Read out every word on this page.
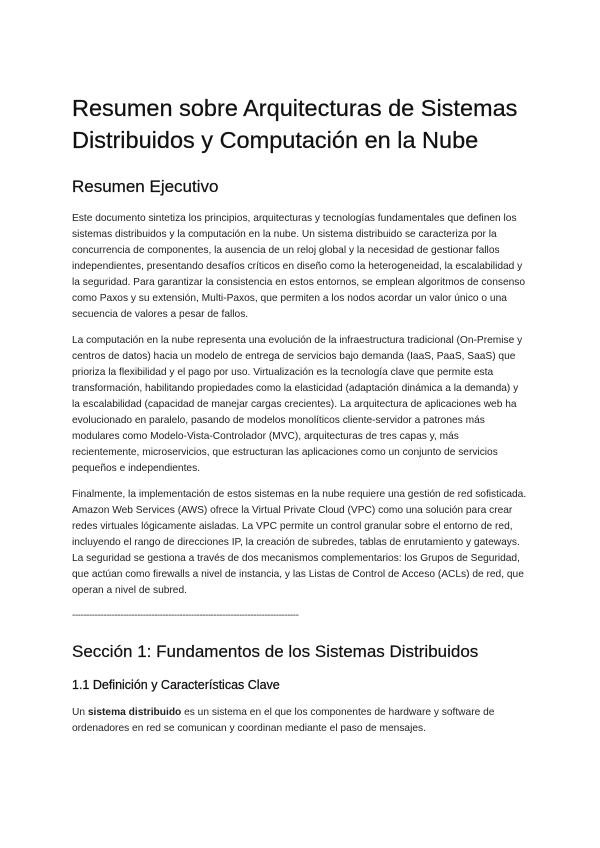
Resumen sobre Arquitecturas de Sistemas Distribuidos y Computación en la Nube
Resumen Ejecutivo

Este documento sintetiza los principios, arquitecturas y tecnologías fundamentales que definen los sistemas distribuidos y la computación en la nube. Un sistema distribuido se caracteriza por la concurrencia de componentes, la ausencia de un reloj global y la necesidad de gestionar fallos independientes, presentando desafíos críticos en diseño como la heterogeneidad, la escalabilidad y la seguridad. Para garantizar la consistencia en estos entornos, se emplean algoritmos de consenso como Paxos y su extensión, Multi-Paxos, que permiten a los nodos acordar un valor único o una secuencia de valores a pesar de fallos.

La computación en la nube representa una evolución de la infraestructura tradicional (On-Premise y centros de datos) hacia un modelo de entrega de servicios bajo demanda (IaaS, PaaS, SaaS) que prioriza la flexibilidad y el pago por uso. Virtualización es la tecnología clave que permite esta transformación, habilitando propiedades como la elasticidad (adaptación dinámica a la demanda) y la escalabilidad (capacidad de manejar cargas crecientes). La arquitectura de aplicaciones web ha evolucionado en paralelo, pasando de modelos monolíticos cliente-servidor a patrones más modulares como Modelo-Vista-Controlador (MVC), arquitecturas de tres capas y, más recientemente, microservicios, que estructuran las aplicaciones como un conjunto de servicios pequeños e independientes.

Finalmente, la implementación de estos sistemas en la nube requiere una gestión de red sofisticada. Amazon Web Services (AWS) ofrece la Virtual Private Cloud (VPC) como una solución para crear redes virtuales lógicamente aisladas. La VPC permite un control granular sobre el entorno de red, incluyendo el rango de direcciones IP, la creación de subredes, tablas de enrutamiento y gateways. La seguridad se gestiona a través de dos mecanismos complementarios: los Grupos de Seguridad, que actúan como firewalls a nivel de instancia, y las Listas de Control de Acceso (ACLs) de red, que operan a nivel de subred.

--------------------------------------------------------------------------------
Sección 1: Fundamentos de los Sistemas Distribuidos
1.1 Definición y Características Clave

Un sistema distribuido es un sistema en el que los componentes de hardware y software de ordenadores en red se comunican y coordinan mediante el paso de mensajes.
